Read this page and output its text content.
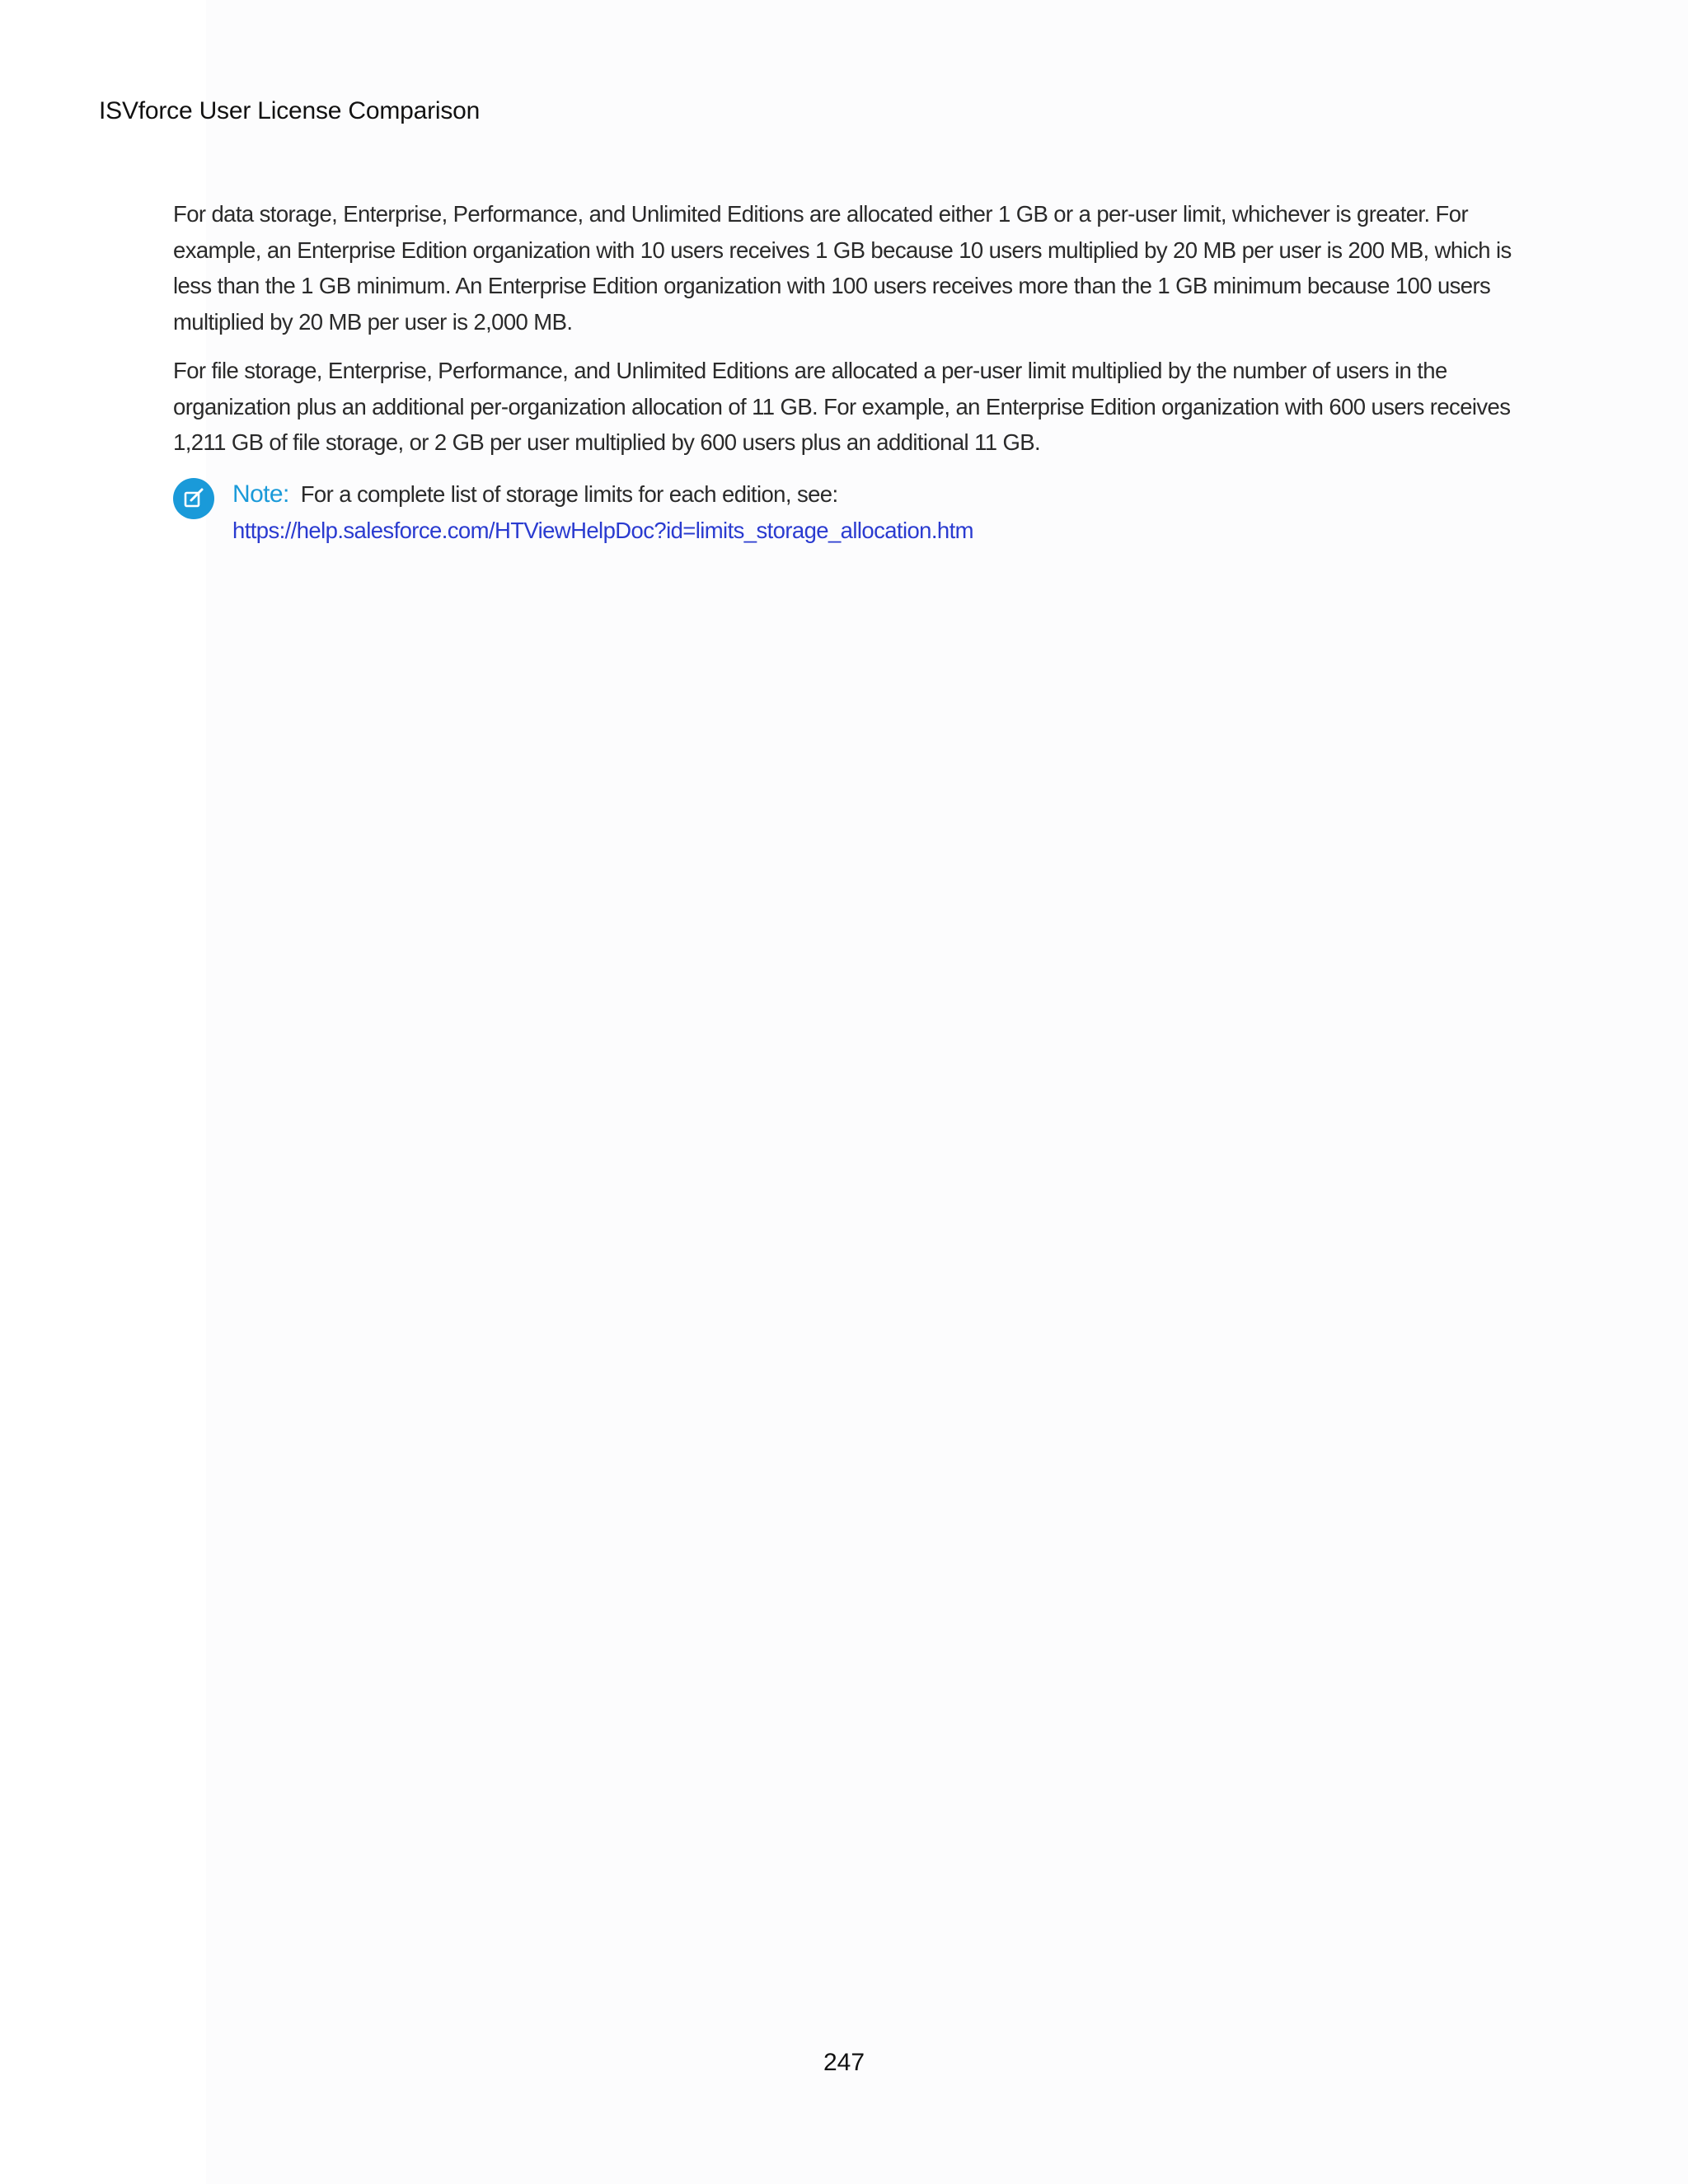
ISVforce User License Comparison

For data storage, Enterprise, Performance, and Unlimited Editions are allocated either 1 GB or a per-user limit, whichever is greater. For example, an Enterprise Edition organization with 10 users receives 1 GB because 10 users multiplied by 20 MB per user is 200 MB, which is less than the 1 GB minimum. An Enterprise Edition organization with 100 users receives more than the 1 GB minimum because 100 users multiplied by 20 MB per user is 2,000 MB.

For file storage, Enterprise, Performance, and Unlimited Editions are allocated a per-user limit multiplied by the number of users in the organization plus an additional per-organization allocation of 11 GB. For example, an Enterprise Edition organization with 600 users receives 1,211 GB of file storage, or 2 GB per user multiplied by 600 users plus an additional 11 GB.

Note: For a complete list of storage limits for each edition, see:
https://help.salesforce.com/HTViewHelpDoc?id=limits_storage_allocation.htm
247
